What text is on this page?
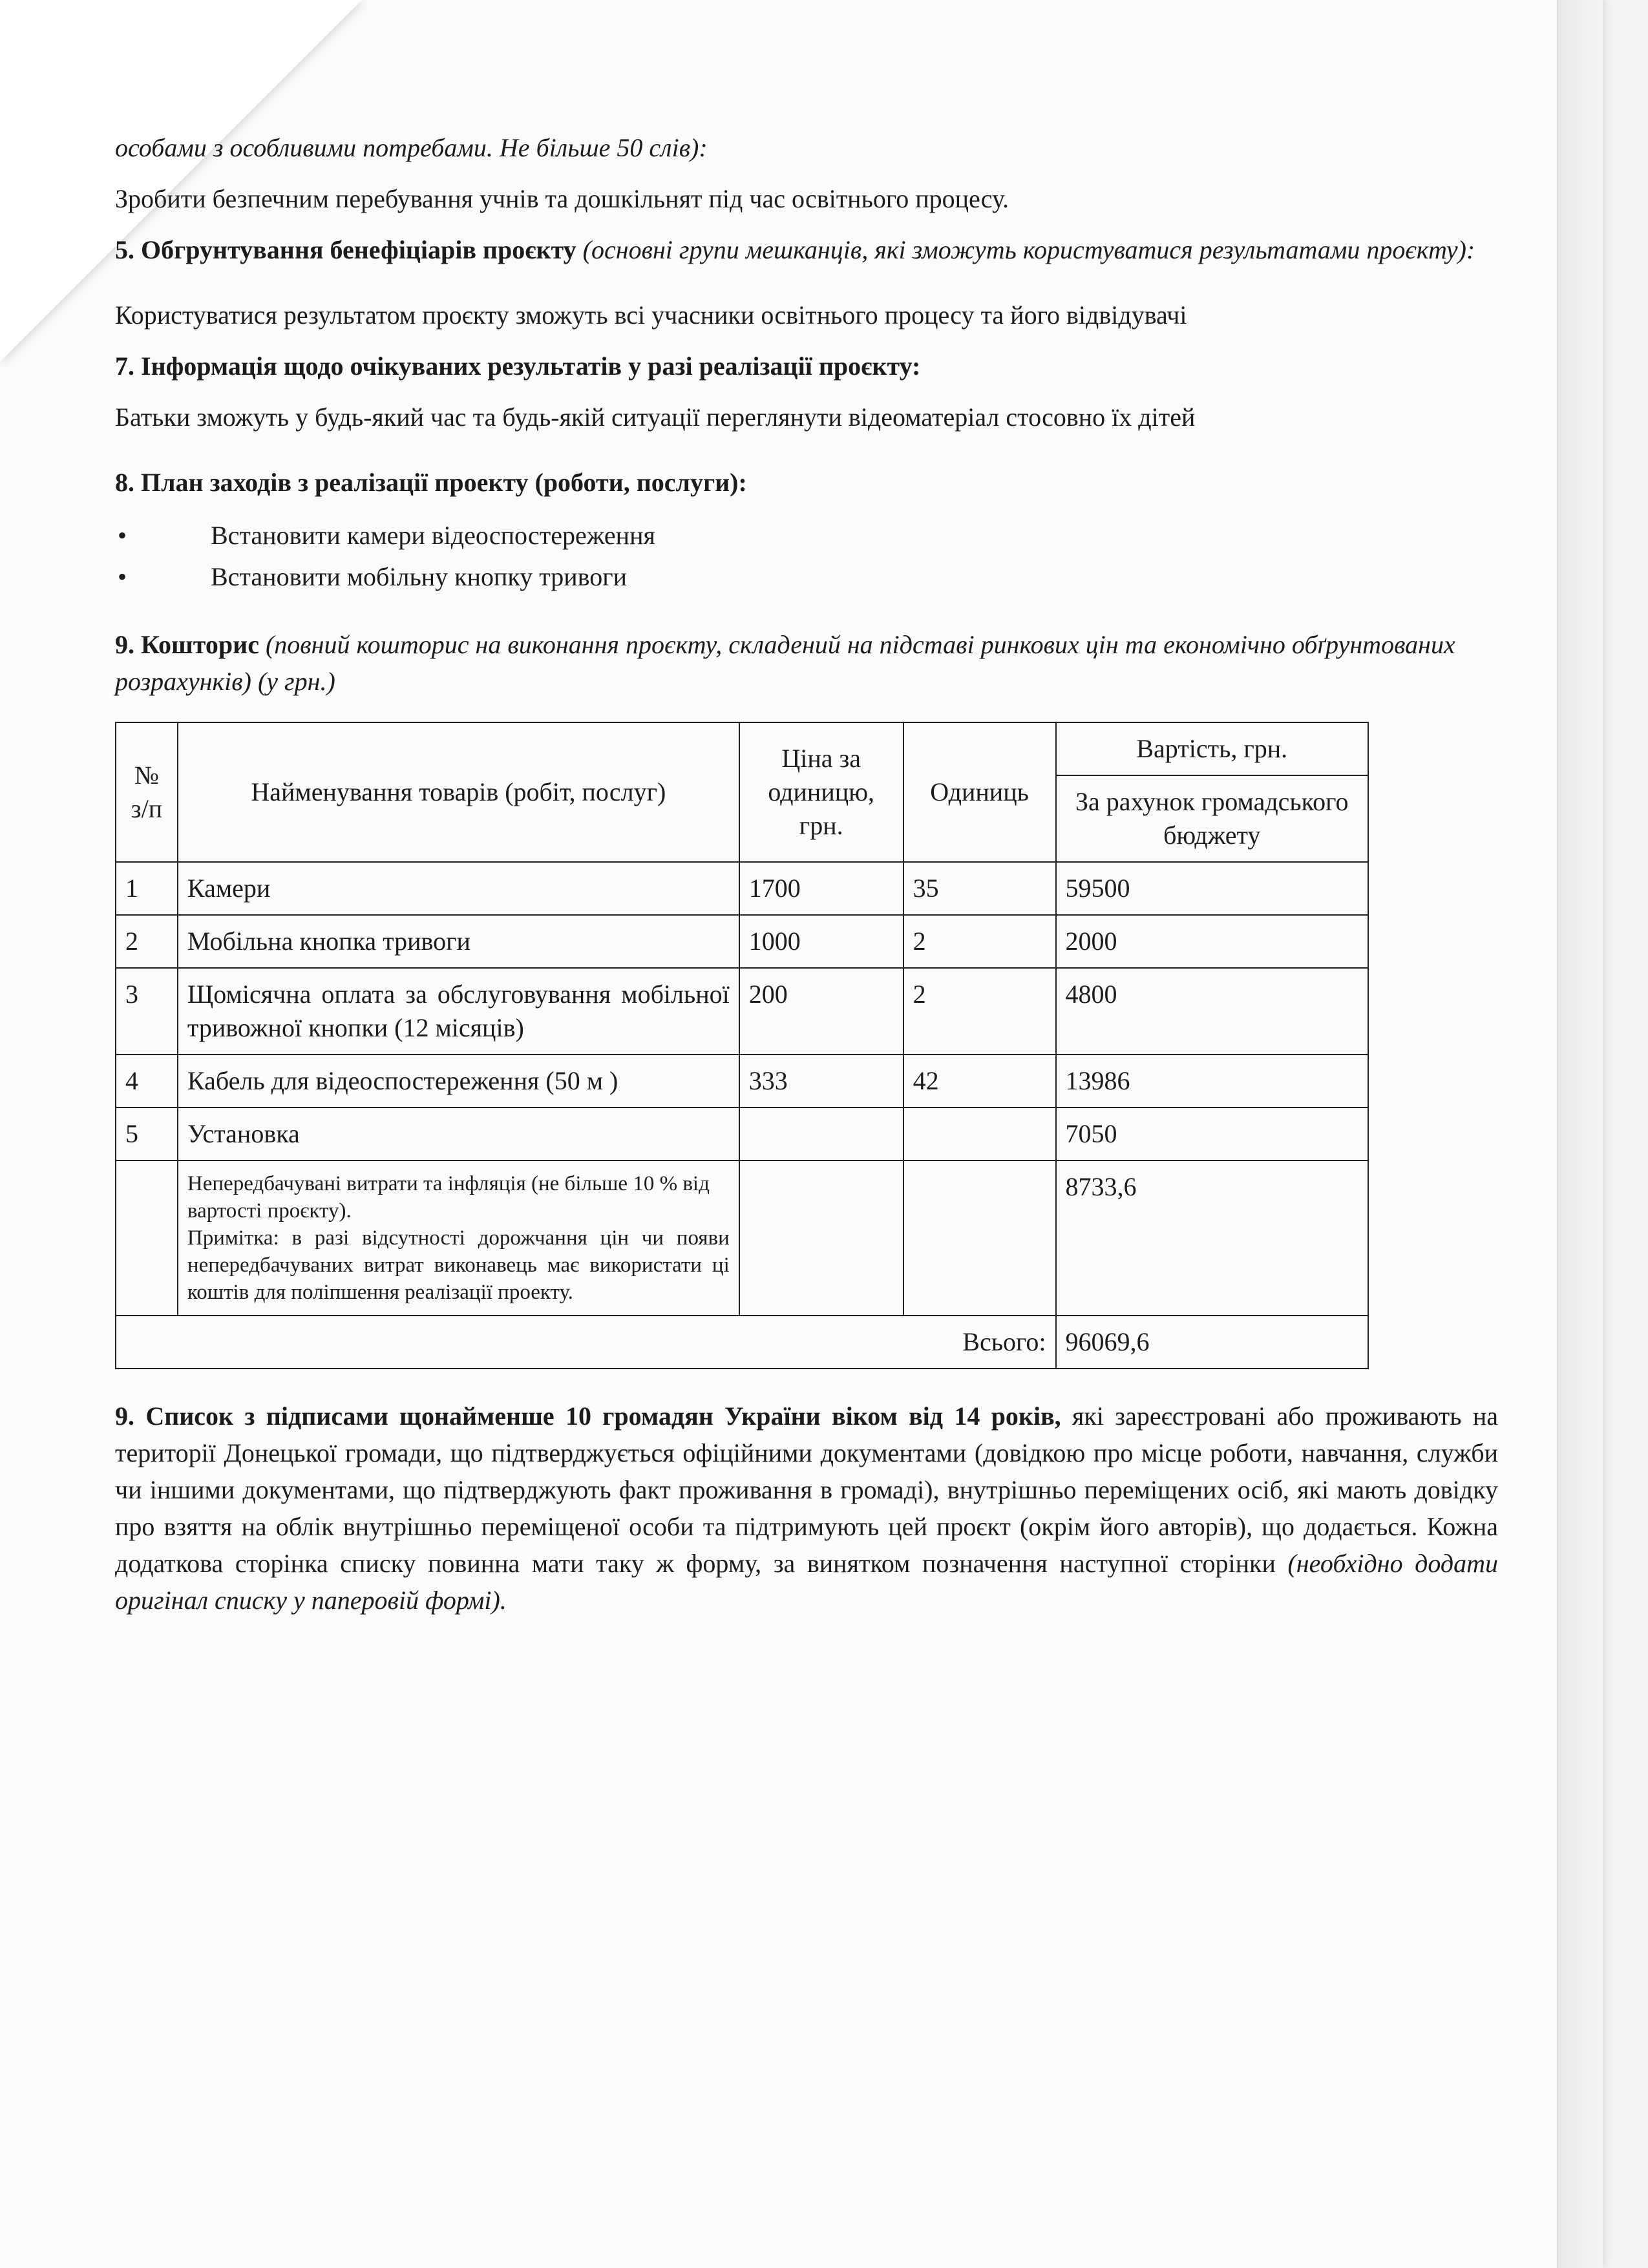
особами з особливими потребами. Не більше 50 слів):

Зробити безпечним перебування учнів та дошкільнят під час освітнього процесу.

5. Обгрунтування бенефіціарів проєкту (основні групи мешканців, які зможуть користуватися результатами проєкту):

Користуватися результатом проєкту зможуть всі учасники освітнього процесу та його відвідувачі

7. Інформація щодо очікуваних результатів у разі реалізації проєкту:

Батьки зможуть у будь-який час та будь-якій ситуації переглянути відеоматеріал стосовно їх дітей

8. План заходів з реалізації проекту (роботи, послуги):

• Встановити камери відеоспостереження
• Встановити мобільну кнопку тривоги

9. Кошторис (повний кошторис на виконання проєкту, складений на підставі ринкових цін та економічно обґрунтованих розрахунків) (у грн.)

№ з/п	Найменування товарів (робіт, послуг)	Ціна за одиницю, грн.	Одиниць	Вартість, грн.
				За рахунок громадського бюджету
1	Камери	1700	35	59500
2	Мобільна кнопка тривоги	1000	2	2000
3	Щомісячна оплата за обслуговування мобільної тривожної кнопки (12 місяців)	200	2	4800
4	Кабель для відеоспостереження (50 м )	333	42	13986
5	Установка			7050

	Непередбачувані витрати та інфляція (не більше 10 % від вартості проєкту).
Примітка: в разі відсутності дорожчання цін чи появи непередбачуваних витрат виконавець має використати ці коштів для поліпшення реалізації проекту.			8733,6
Всього:				96069,6

9. Список з підписами щонайменше 10 громадян України віком від 14 років, які зареєстровані або проживають на території Донецької громади, що підтверджується офіційними документами (довідкою про місце роботи, навчання, служби чи іншими документами, що підтверджують факт проживання в громаді), внутрішньо переміщених осіб, які мають довідку про взяття на облік внутрішньо переміщеної особи та підтримують цей проєкт (окрім його авторів), що додається. Кожна додаткова сторінка списку повинна мати таку ж форму, за винятком позначення наступної сторінки (необхідно додати оригінал списку у паперовій формі).
